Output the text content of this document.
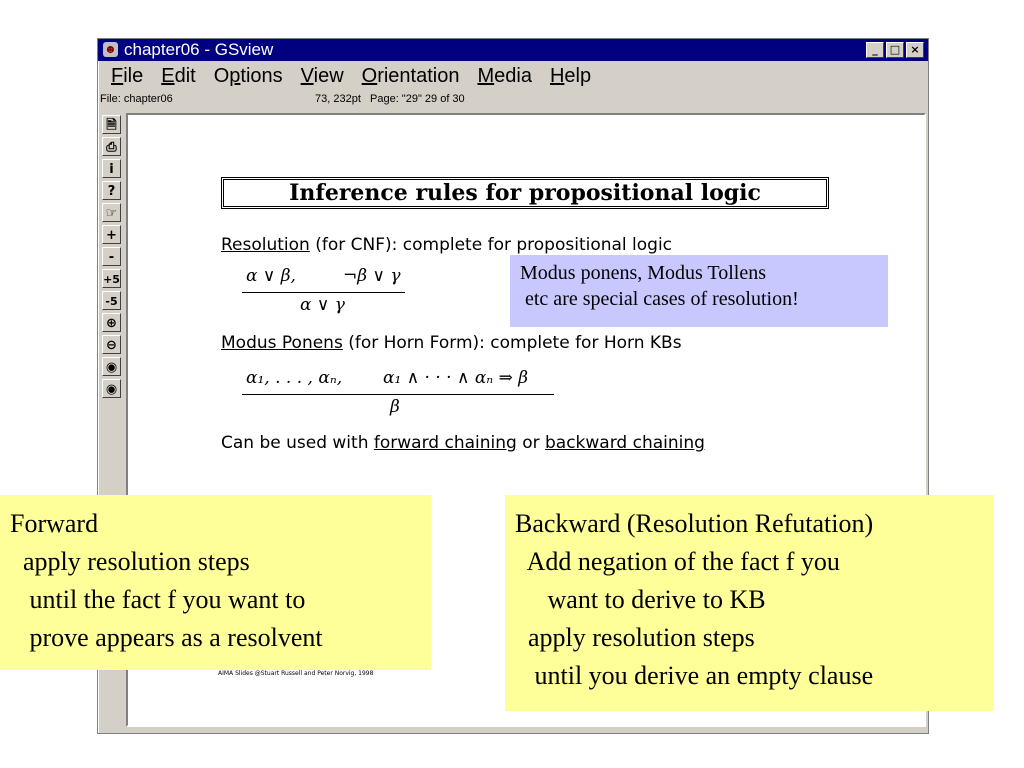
☻ chapter06 - GSview	_	□ ×
File Edit Options View Orientation Media Help
File: chapter06	73, 232pt Page: "29" 29 of 30
🗎
⎙
i
?
☞
+
-
+5
-5
⊕
⊖
◉
◉
Inference rules for propositional logic
Resolution (for CNF): complete for propositional logic
α ∨ β,	¬β ∨ γ
α ∨ γ
Modus Ponens (for Horn Form): complete for Horn KBs
α₁, . . . , αₙ, α₁ ∧ · · · ∧ αₙ ⇒ β
β
Can be used with forward chaining or backward chaining
AIMA Slides @Stuart Russell and Peter Norvig, 1998
Modus ponens, Modus Tollens
etc are special cases of resolution!
Forward
apply resolution steps
until the fact f you want to
prove appears as a resolvent
Backward (Resolution Refutation)
Add negation of the fact f you
want to derive to KB
apply resolution steps
until you derive an empty clause
